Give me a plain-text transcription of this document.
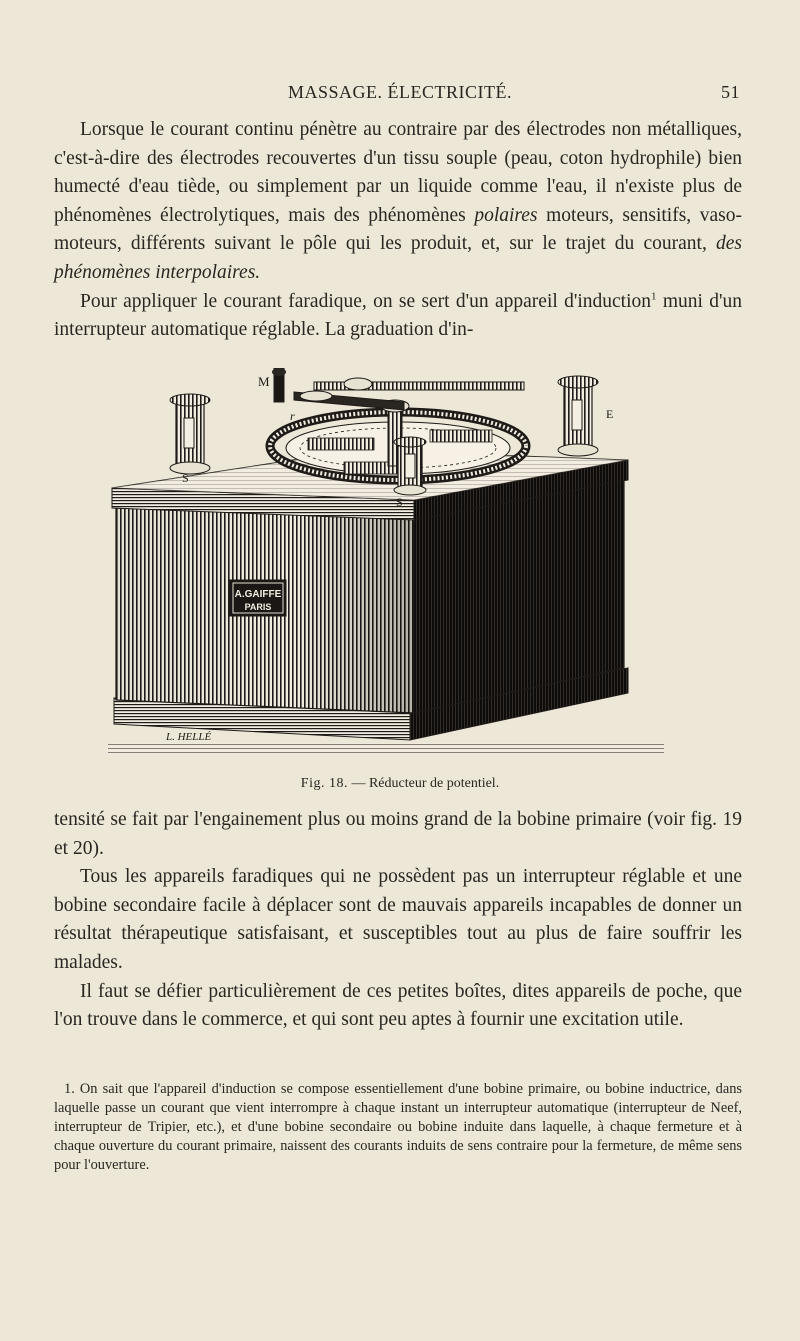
MASSAGE. ÉLECTRICITÉ.	51

Lorsque le courant continu pénètre au contraire par des électrodes non métalliques, c'est-à-dire des électrodes recouvertes d'un tissu souple (peau, coton hydrophile) bien humecté d'eau tiède, ou simplement par un liquide comme l'eau, il n'existe plus de phénomènes électrolytiques, mais des phénomènes polaires moteurs, sensitifs, vaso-moteurs, différents suivant le pôle qui les produit, et, sur le trajet du courant, des phénomènes interpolaires.

Pour appliquer le courant faradique, on se sert d'un appareil d'induction$^1$ muni d'un interrupteur automatique réglable. La graduation d'in-

A.GAIFFE
PARIS
M
r
S
S
E
L. HELLÉ
Fig. 18. — Réducteur de potentiel.

tensité se fait par l'engainement plus ou moins grand de la bobine primaire (voir fig. 19 et 20).

Tous les appareils faradiques qui ne possèdent pas un interrupteur réglable et une bobine secondaire facile à déplacer sont de mauvais appareils incapables de donner un résultat thérapeutique satisfaisant, et susceptibles tout au plus de faire souffrir les malades.

Il faut se défier particulièrement de ces petites boîtes, dites appareils de poche, que l'on trouve dans le commerce, et qui sont peu aptes à fournir une excitation utile.

1. On sait que l'appareil d'induction se compose essentiellement d'une bobine primaire, ou bobine inductrice, dans laquelle passe un courant que vient interrompre à chaque instant un interrupteur automatique (interrupteur de Neef, interrupteur de Tripier, etc.), et d'une bobine secondaire ou bobine induite dans laquelle, à chaque fermeture et à chaque ouverture du courant primaire, naissent des courants induits de sens contraire pour la fermeture, de même sens pour l'ouverture.
